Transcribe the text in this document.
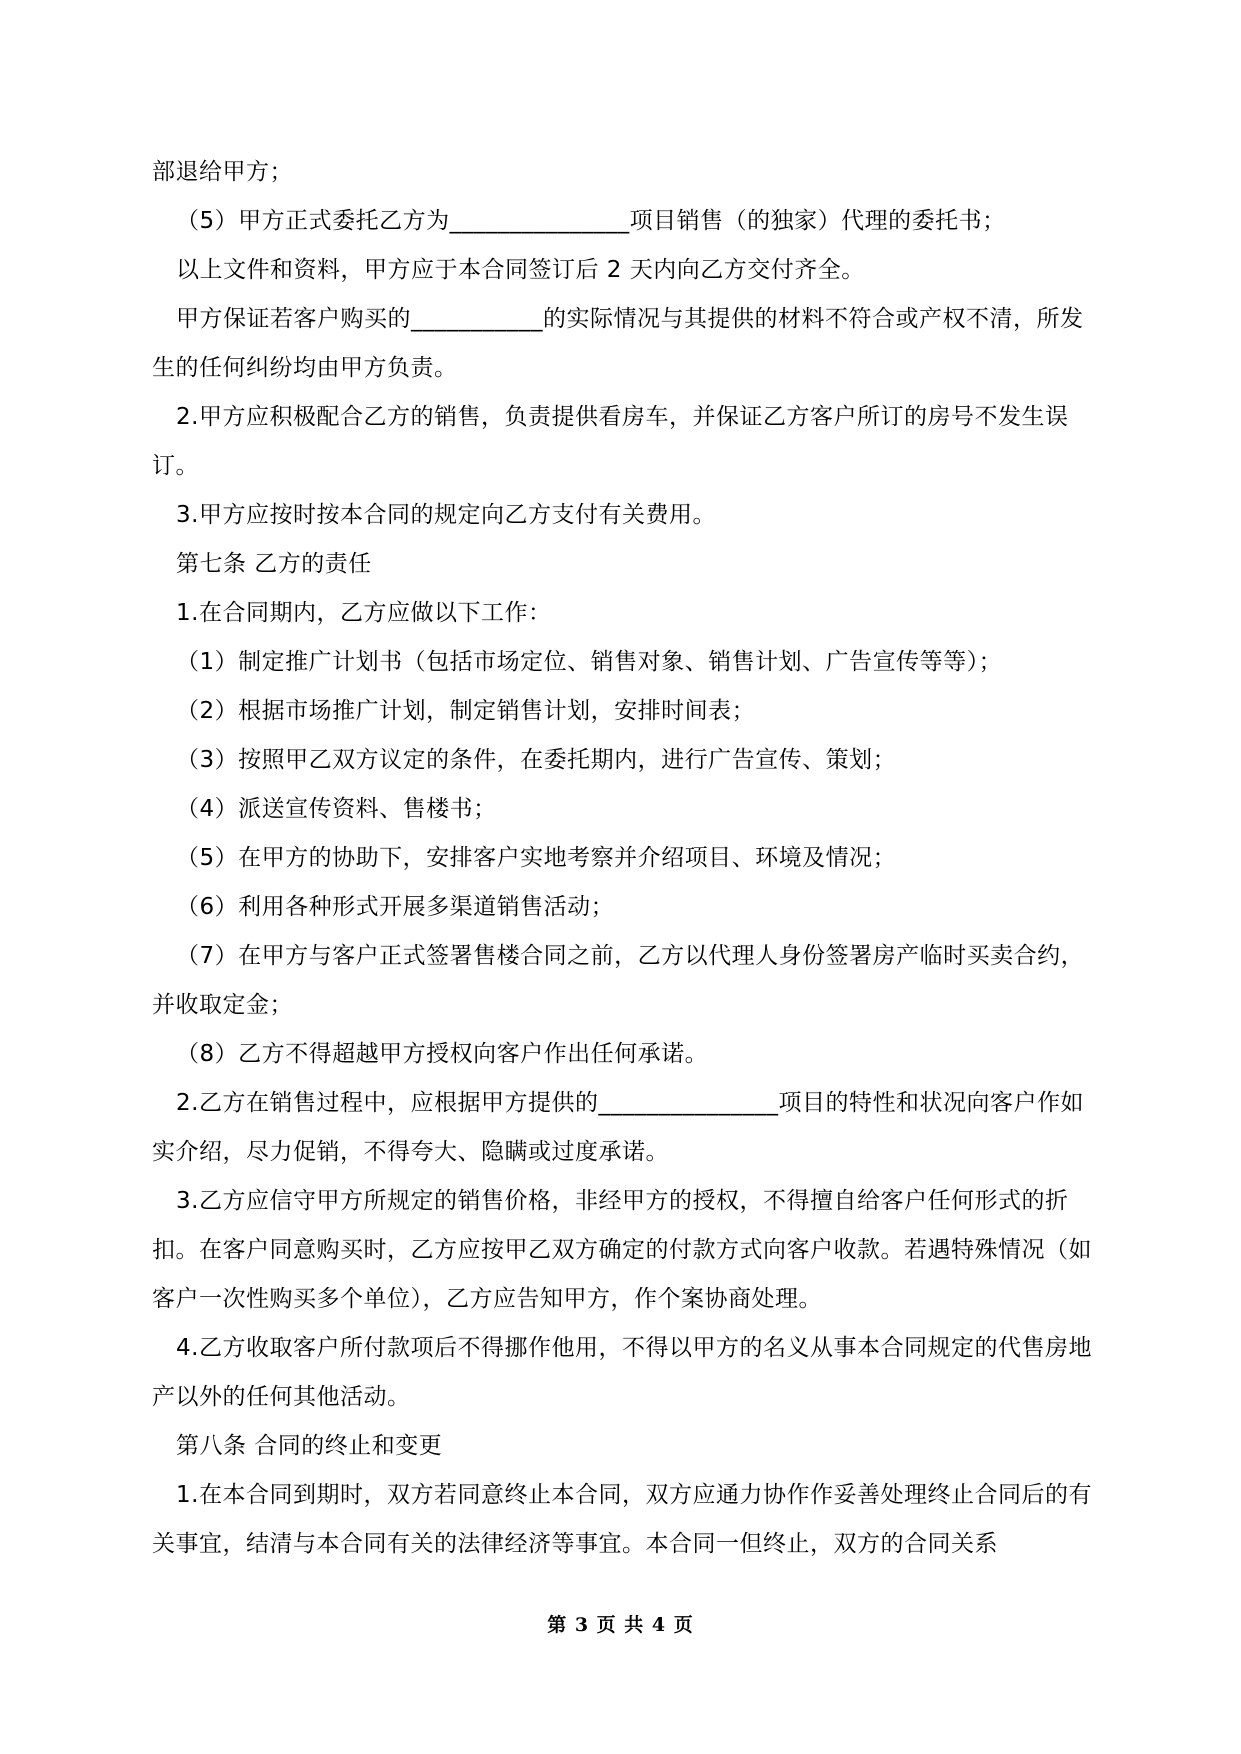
部退给甲方；

（5）甲方正式委托乙方为_______________项目销售（的独家）代理的委托书；

以上文件和资料，甲方应于本合同签订后 2 天内向乙方交付齐全。

甲方保证若客户购买的___________的实际情况与其提供的材料不符合或产权不清，所发生的任何纠纷均由甲方负责。

2.甲方应积极配合乙方的销售，负责提供看房车，并保证乙方客户所订的房号不发生误订。

3.甲方应按时按本合同的规定向乙方支付有关费用。

第七条 乙方的责任

1.在合同期内，乙方应做以下工作：

（1）制定推广计划书（包括市场定位、销售对象、销售计划、广告宣传等等）；

（2）根据市场推广计划，制定销售计划，安排时间表；

（3）按照甲乙双方议定的条件，在委托期内，进行广告宣传、策划；

（4）派送宣传资料、售楼书；

（5）在甲方的协助下，安排客户实地考察并介绍项目、环境及情况；

（6）利用各种形式开展多渠道销售活动；

（7）在甲方与客户正式签署售楼合同之前，乙方以代理人身份签署房产临时买卖合约，并收取定金；

（8）乙方不得超越甲方授权向客户作出任何承诺。

2.乙方在销售过程中，应根据甲方提供的_______________项目的特性和状况向客户作如实介绍，尽力促销，不得夸大、隐瞒或过度承诺。

3.乙方应信守甲方所规定的销售价格，非经甲方的授权，不得擅自给客户任何形式的折扣。在客户同意购买时，乙方应按甲乙双方确定的付款方式向客户收款。若遇特殊情况（如客户一次性购买多个单位），乙方应告知甲方，作个案协商处理。

4.乙方收取客户所付款项后不得挪作他用，不得以甲方的名义从事本合同规定的代售房地产以外的任何其他活动。

第八条 合同的终止和变更

1.在本合同到期时，双方若同意终止本合同，双方应通力协作作妥善处理终止合同后的有关事宜，结清与本合同有关的法律经济等事宜。本合同一但终止，双方的合同关系

第 3 页 共 4 页
